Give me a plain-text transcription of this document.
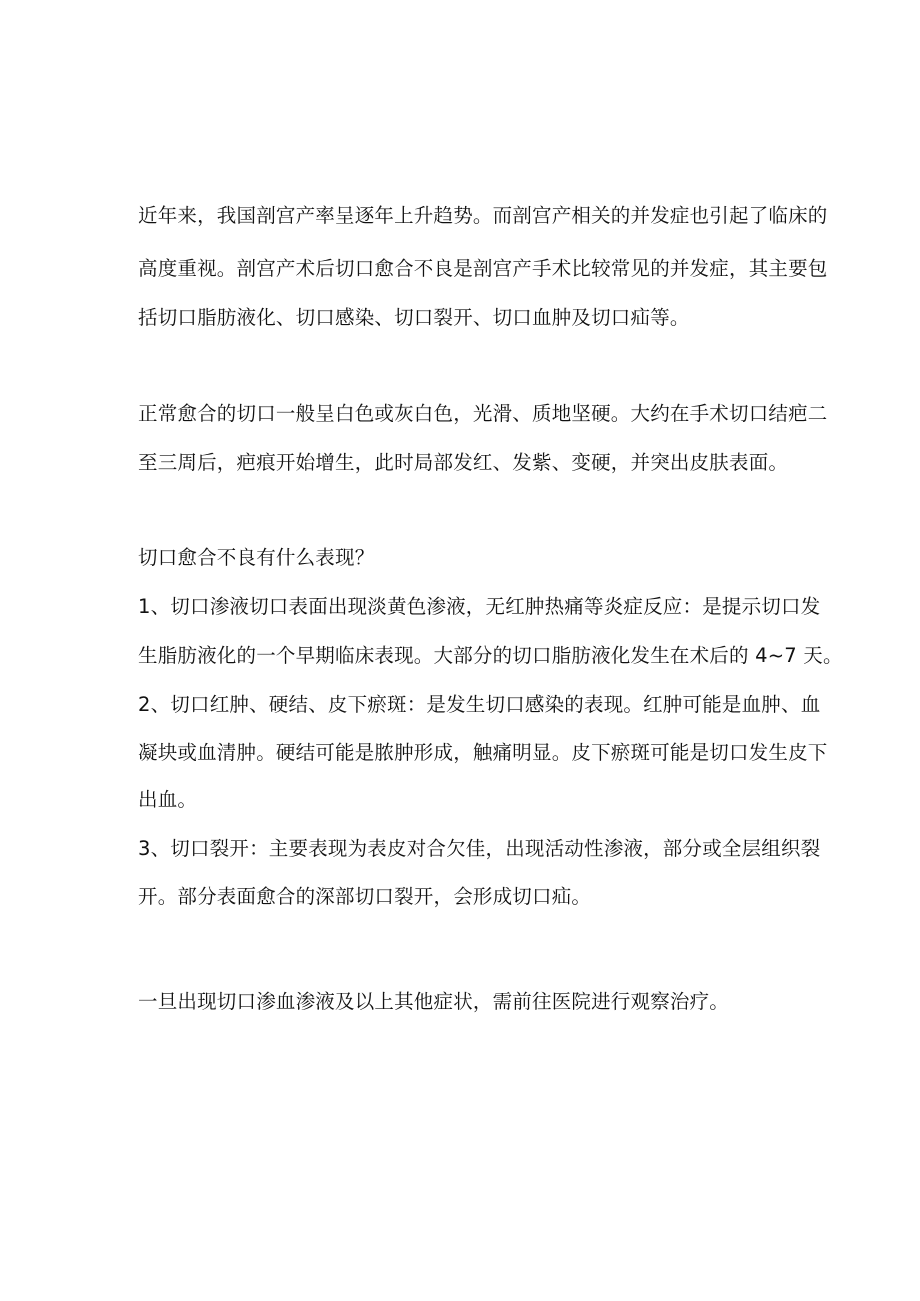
近年来，我国剖宫产率呈逐年上升趋势。而剖宫产相关的并发症也引起了临床的
高度重视。剖宫产术后切口愈合不良是剖宫产手术比较常见的并发症，其主要包
括切口脂肪液化、切口感染、切口裂开、切口血肿及切口疝等。
正常愈合的切口一般呈白色或灰白色，光滑、质地坚硬。大约在手术切口结疤二
至三周后，疤痕开始增生，此时局部发红、发紫、变硬，并突出皮肤表面。
切口愈合不良有什么表现？
1、切口渗液切口表面出现淡黄色渗液，无红肿热痛等炎症反应：是提示切口发
生脂肪液化的一个早期临床表现。大部分的切口脂肪液化发生在术后的 4~7 天。
2、切口红肿、硬结、皮下瘀斑：是发生切口感染的表现。红肿可能是血肿、血
凝块或血清肿。硬结可能是脓肿形成，触痛明显。皮下瘀斑可能是切口发生皮下
出血。
3、切口裂开：主要表现为表皮对合欠佳，出现活动性渗液，部分或全层组织裂
开。部分表面愈合的深部切口裂开，会形成切口疝。
一旦出现切口渗血渗液及以上其他症状，需前往医院进行观察治疗。
